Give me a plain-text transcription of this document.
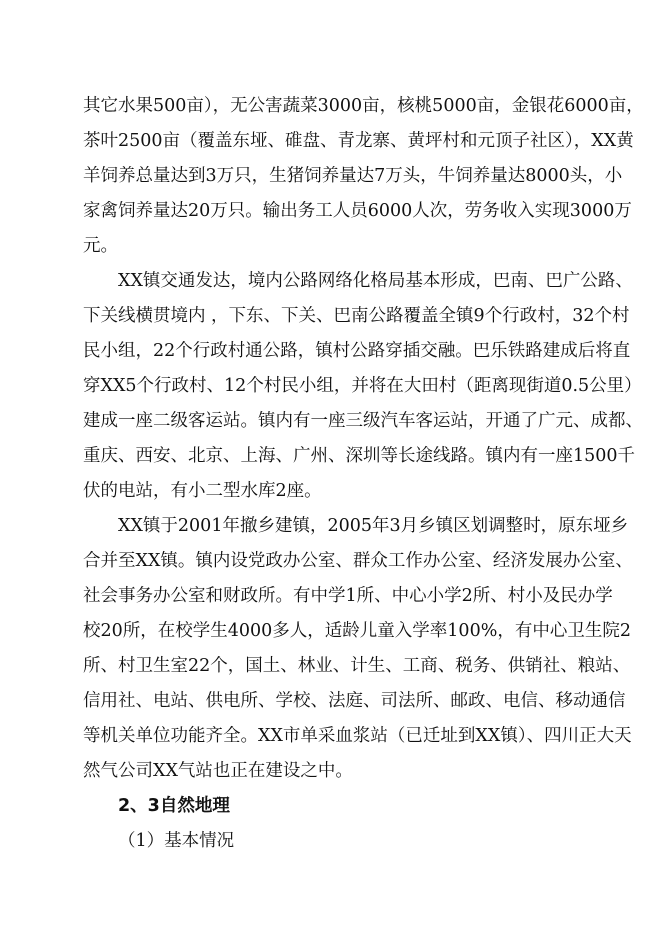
其它水果500亩），无公害蔬菜3000亩，核桃5000亩，金银花6000亩，
茶叶2500亩（覆盖东垭、碓盘、青龙寨、黄坪村和元顶子社区），XX黄
羊饲养总量达到3万只，生猪饲养量达7万头，牛饲养量达8000头，小
家禽饲养量达20万只。输出务工人员6000人次，劳务收入实现3000万
元。
XX镇交通发达，境内公路网络化格局基本形成，巴南、巴广公路、
下关线横贯境内 ，下东、下关、巴南公路覆盖全镇9个行政村，32个村
民小组，22个行政村通公路，镇村公路穿插交融。巴乐铁路建成后将直
穿XX5个行政村、12个村民小组，并将在大田村（距离现街道0.5公里）
建成一座二级客运站。镇内有一座三级汽车客运站，开通了广元、成都、
重庆、西安、北京、上海、广州、深圳等长途线路。镇内有一座1500千
伏的电站，有小二型水库2座。
XX镇于2001年撤乡建镇，2005年3月乡镇区划调整时，原东垭乡
合并至XX镇。镇内设党政办公室、群众工作办公室、经济发展办公室、
社会事务办公室和财政所。有中学1所、中心小学2所、村小及民办学
校20所，在校学生4000多人，适龄儿童入学率100%，有中心卫生院2
所、村卫生室22个，国土、林业、计生、工商、税务、供销社、粮站、
信用社、电站、供电所、学校、法庭、司法所、邮政、电信、移动通信
等机关单位功能齐全。XX市单采血浆站（已迁址到XX镇）、四川正大天
然气公司XX气站也正在建设之中。
2、3自然地理
（1）基本情况
